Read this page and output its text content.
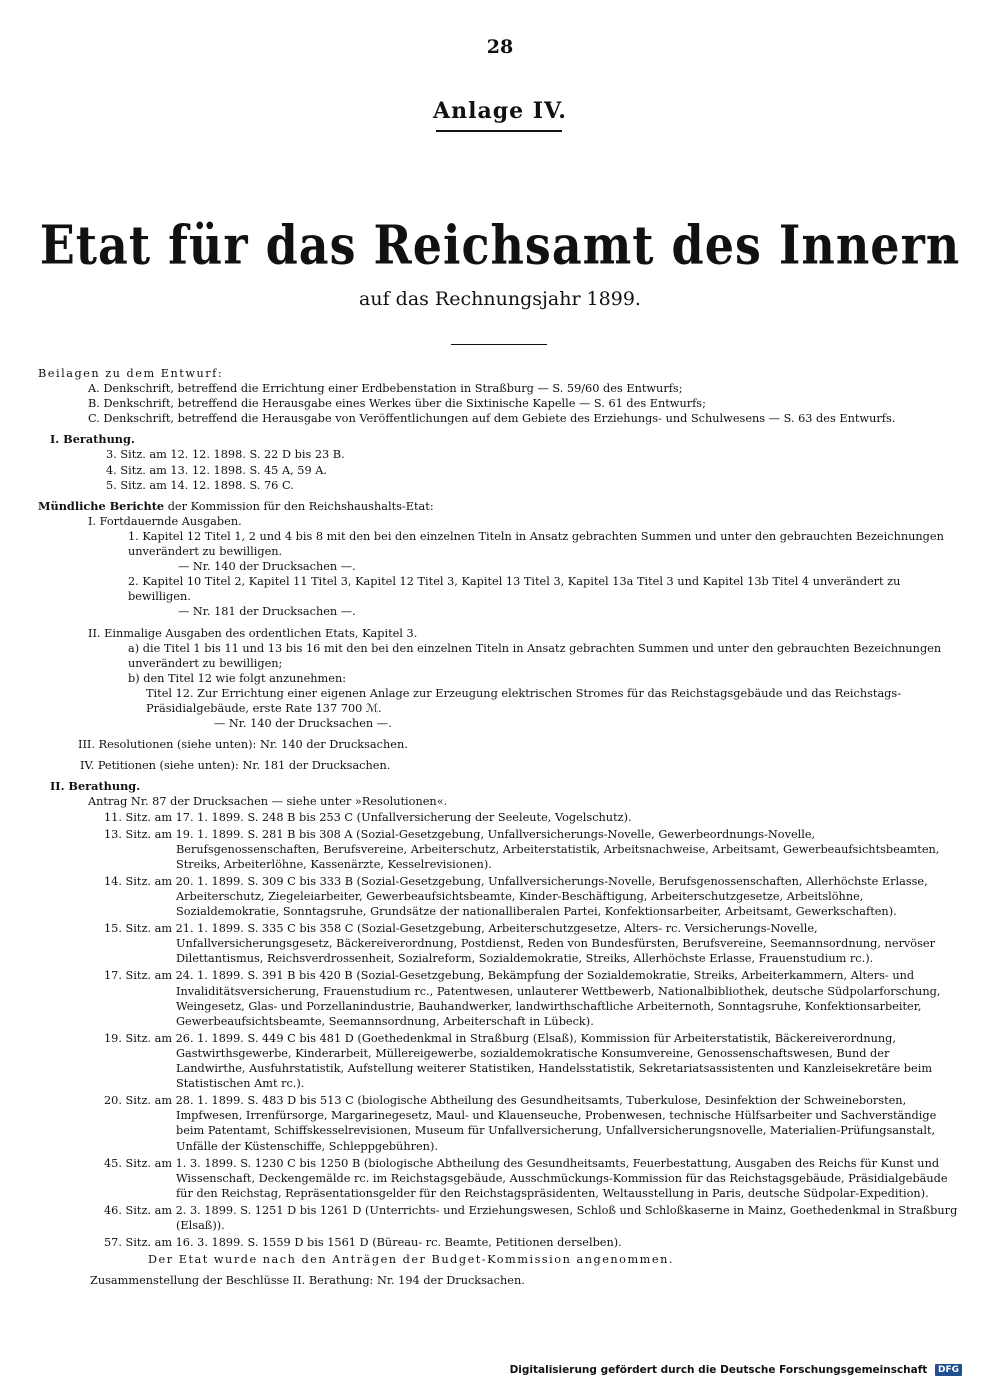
28
Anlage IV.
Etat für das Reichsamt des Innern
auf das Rechnungsjahr 1899.
Beilagen zu dem Entwurf:
A. Denkschrift, betreffend die Errichtung einer Erdbebenstation in Straßburg — S. 59/60 des Entwurfs;
B. Denkschrift, betreffend die Herausgabe eines Werkes über die Sixtinische Kapelle — S. 61 des Entwurfs;
C. Denkschrift, betreffend die Herausgabe von Veröffentlichungen auf dem Gebiete des Erziehungs- und Schulwesens — S. 63 des Entwurfs.
I. Berathung.
3. Sitz. am 12. 12. 1898. S. 22 D bis 23 B.
4. Sitz. am 13. 12. 1898. S. 45 A, 59 A.
5. Sitz. am 14. 12. 1898. S. 76 C.
Mündliche Berichte der Kommission für den Reichshaushalts-Etat:
I. Fortdauernde Ausgaben.
1. Kapitel 12 Titel 1, 2 und 4 bis 8 mit den bei den einzelnen Titeln in Ansatz gebrachten Summen und unter den gebrauchten Bezeichnungen unverändert zu bewilligen.
— Nr. 140 der Drucksachen —.
2. Kapitel 10 Titel 2, Kapitel 11 Titel 3, Kapitel 12 Titel 3, Kapitel 13 Titel 3, Kapitel 13a Titel 3 und Kapitel 13b Titel 4 unverändert zu bewilligen.
— Nr. 181 der Drucksachen —.
II. Einmalige Ausgaben des ordentlichen Etats, Kapitel 3.
a) die Titel 1 bis 11 und 13 bis 16 mit den bei den einzelnen Titeln in Ansatz gebrachten Summen und unter den gebrauchten Bezeichnungen unverändert zu bewilligen;
b) den Titel 12 wie folgt anzunehmen:
Titel 12. Zur Errichtung einer eigenen Anlage zur Erzeugung elektrischen Stromes für das Reichstagsgebäude und das Reichstags-Präsidialgebäude, erste Rate 137 700 ℳ.
— Nr. 140 der Drucksachen —.
III. Resolutionen (siehe unten): Nr. 140 der Drucksachen.
IV. Petitionen (siehe unten): Nr. 181 der Drucksachen.
II. Berathung.
Antrag Nr. 87 der Drucksachen — siehe unter »Resolutionen«.
11. Sitz. am 17. 1. 1899. S. 248 B bis 253 C (Unfallversicherung der Seeleute, Vogelschutz).
13. Sitz. am 19. 1. 1899. S. 281 B bis 308 A (Sozial-Gesetzgebung, Unfallversicherungs-Novelle, Gewerbeordnungs-Novelle, Berufsgenossenschaften, Berufsvereine, Arbeiterschutz, Arbeiterstatistik, Arbeitsnachweise, Arbeitsamt, Gewerbeaufsichtsbeamten, Streiks, Arbeiterlöhne, Kassenärzte, Kesselrevisionen).
14. Sitz. am 20. 1. 1899. S. 309 C bis 333 B (Sozial-Gesetzgebung, Unfallversicherungs-Novelle, Berufsgenossenschaften, Allerhöchste Erlasse, Arbeiterschutz, Ziegeleiarbeiter, Gewerbeaufsichtsbeamte, Kinder-Beschäftigung, Arbeiterschutzgesetze, Arbeitslöhne, Sozialdemokratie, Sonntagsruhe, Grundsätze der nationalliberalen Partei, Konfektionsarbeiter, Arbeitsamt, Gewerkschaften).
15. Sitz. am 21. 1. 1899. S. 335 C bis 358 C (Sozial-Gesetzgebung, Arbeiterschutzgesetze, Alters- rc. Versicherungs-Novelle, Unfallversicherungsgesetz, Bäckereiverordnung, Postdienst, Reden von Bundesfürsten, Berufsvereine, Seemannsordnung, nervöser Dilettantismus, Reichsverdrossenheit, Sozialreform, Sozialdemokratie, Streiks, Allerhöchste Erlasse, Frauenstudium rc.).
17. Sitz. am 24. 1. 1899. S. 391 B bis 420 B (Sozial-Gesetzgebung, Bekämpfung der Sozialdemokratie, Streiks, Arbeiterkammern, Alters- und Invaliditätsversicherung, Frauenstudium rc., Patentwesen, unlauterer Wettbewerb, Nationalbibliothek, deutsche Südpolarforschung, Weingesetz, Glas- und Porzellanindustrie, Bauhandwerker, landwirthschaftliche Arbeiternoth, Sonntagsruhe, Konfektionsarbeiter, Gewerbeaufsichtsbeamte, Seemannsordnung, Arbeiterschaft in Lübeck).
19. Sitz. am 26. 1. 1899. S. 449 C bis 481 D (Goethedenkmal in Straßburg (Elsaß), Kommission für Arbeiterstatistik, Bäckereiverordnung, Gastwirthsgewerbe, Kinderarbeit, Müllereigewerbe, sozialdemokratische Konsumvereine, Genossenschaftswesen, Bund der Landwirthe, Ausfuhrstatistik, Aufstellung weiterer Statistiken, Handelsstatistik, Sekretariatsassistenten und Kanzleisekretäre beim Statistischen Amt rc.).
20. Sitz. am 28. 1. 1899. S. 483 D bis 513 C (biologische Abtheilung des Gesundheitsamts, Tuberkulose, Desinfektion der Schweineborsten, Impfwesen, Irrenfürsorge, Margarinegesetz, Maul- und Klauenseuche, Probenwesen, technische Hülfsarbeiter und Sachverständige beim Patentamt, Schiffskesselrevisionen, Museum für Unfallversicherung, Unfallversicherungsnovelle, Materialien-Prüfungsanstalt, Unfälle der Küstenschiffe, Schleppgebühren).
45. Sitz. am 1. 3. 1899. S. 1230 C bis 1250 B (biologische Abtheilung des Gesundheitsamts, Feuerbestattung, Ausgaben des Reichs für Kunst und Wissenschaft, Deckengemälde rc. im Reichstagsgebäude, Ausschmückungs-Kommission für das Reichstagsgebäude, Präsidialgebäude für den Reichstag, Repräsentationsgelder für den Reichstagspräsidenten, Weltausstellung in Paris, deutsche Südpolar-Expedition).
46. Sitz. am 2. 3. 1899. S. 1251 D bis 1261 D (Unterrichts- und Erziehungswesen, Schloß und Schloßkaserne in Mainz, Goethedenkmal in Straßburg (Elsaß)).
57. Sitz. am 16. 3. 1899. S. 1559 D bis 1561 D (Büreau- rc. Beamte, Petitionen derselben).
Der Etat wurde nach den Anträgen der Budget-Kommission angenommen.
Zusammenstellung der Beschlüsse II. Berathung: Nr. 194 der Drucksachen.
Digitalisierung gefördert durch die Deutsche Forschungsgemeinschaft DFG
